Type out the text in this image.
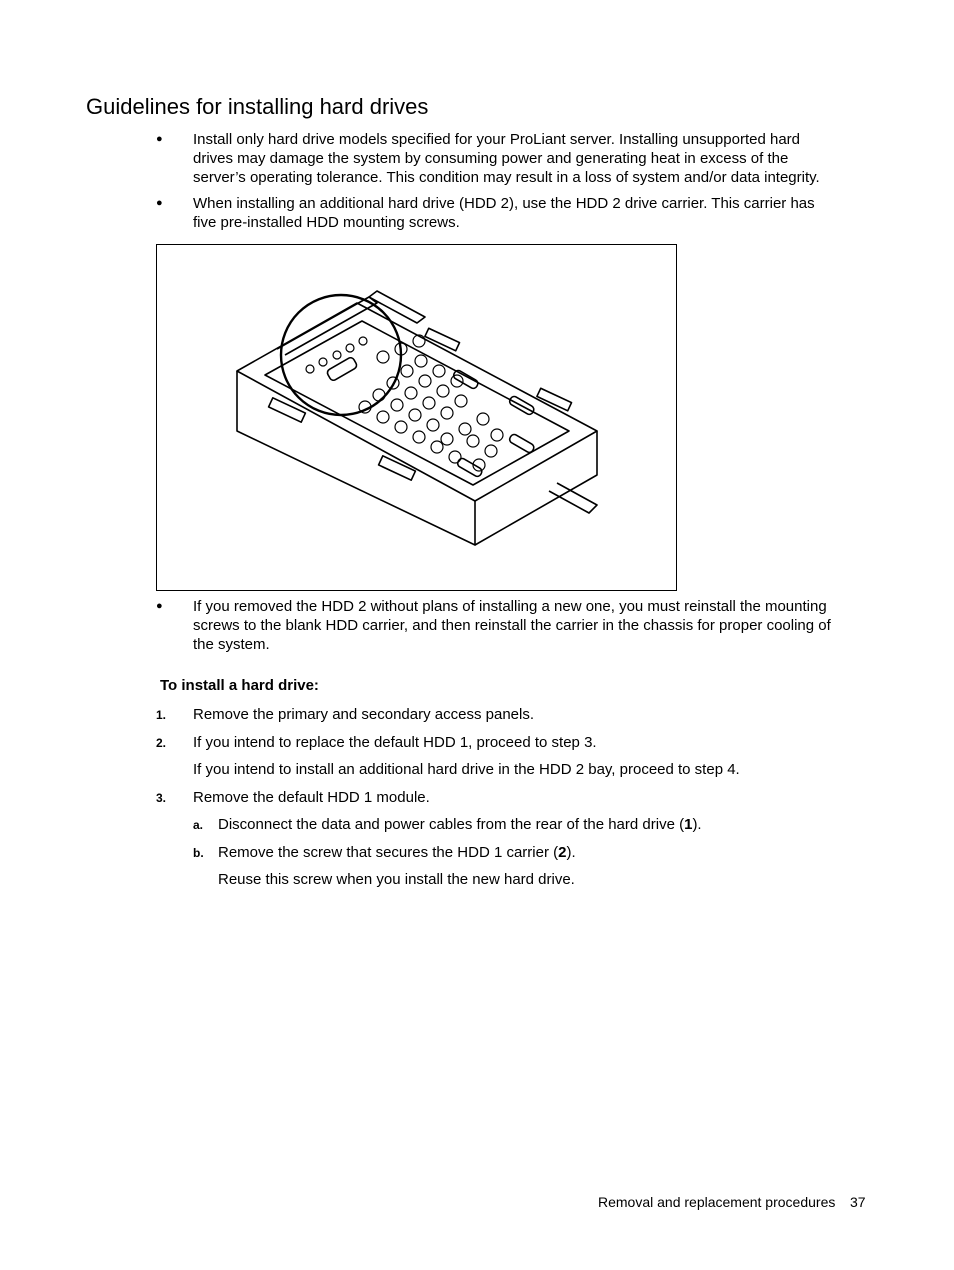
Guidelines for installing hard drives
● Install only hard drive models specified for your ProLiant server. Installing unsupported hard
drives may damage the system by consuming power and generating heat in excess of the
server’s operating tolerance. This condition may result in a loss of system and/or data integrity.
● When installing an additional hard drive (HDD 2), use the HDD 2 drive carrier. This carrier has
five pre-installed HDD mounting screws.
● If you removed the HDD 2 without plans of installing a new one, you must reinstall the mounting
screws to the blank HDD carrier, and then reinstall the carrier in the chassis for proper cooling of
the system.
To install a hard drive:
1. Remove the primary and secondary access panels.
2. If you intend to replace the default HDD 1, proceed to step 3.
If you intend to install an additional hard drive in the HDD 2 bay, proceed to step 4.
3. Remove the default HDD 1 module.
a. Disconnect the data and power cables from the rear of the hard drive (1).
b. Remove the screw that secures the HDD 1 carrier (2).
Reuse this screw when you install the new hard drive.
Removal and replacement procedures 37
